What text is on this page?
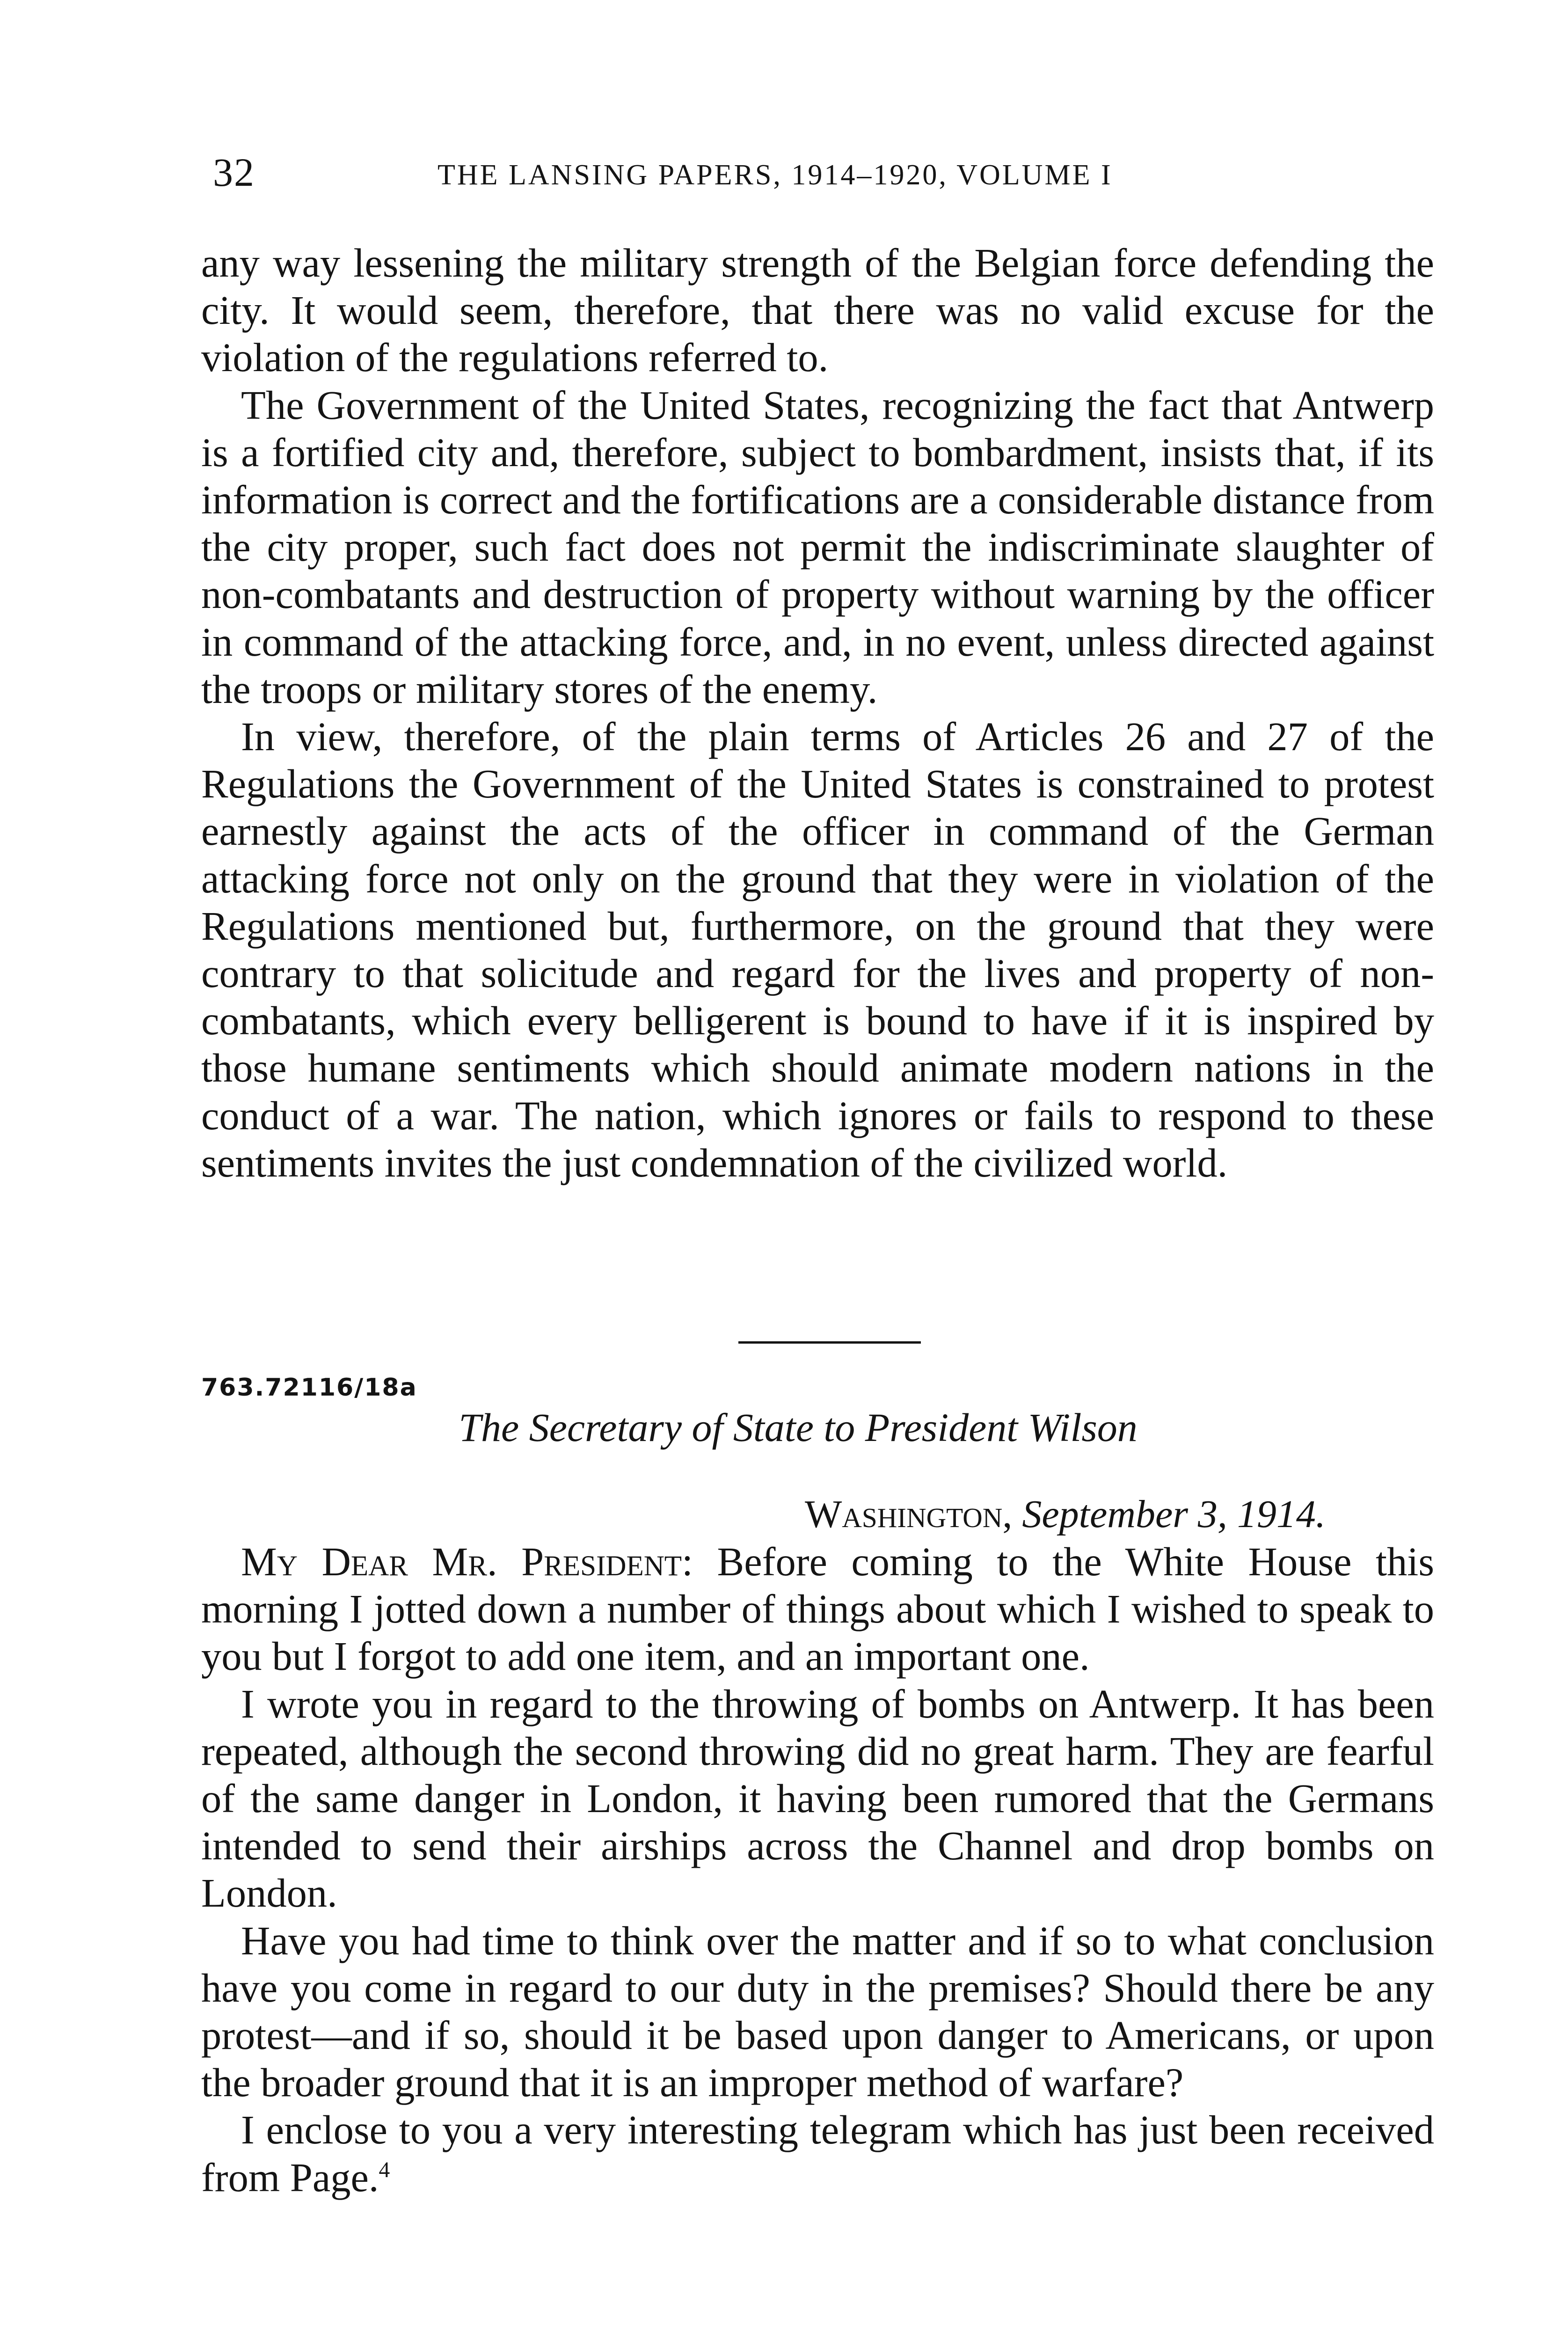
32	THE LANSING PAPERS, 1914–1920, VOLUME I

any way lessening the military strength of the Belgian force defending the city. It would seem, therefore, that there was no valid excuse for the violation of the regulations referred to.

The Government of the United States, recognizing the fact that Antwerp is a fortified city and, therefore, subject to bombardment, insists that, if its information is correct and the fortifications are a considerable distance from the city proper, such fact does not permit the indiscriminate slaughter of non-combatants and destruction of property without warning by the officer in command of the attacking force, and, in no event, unless directed against the troops or military stores of the enemy.

In view, therefore, of the plain terms of Articles 26 and 27 of the Regulations the Government of the United States is constrained to protest earnestly against the acts of the officer in command of the German attacking force not only on the ground that they were in violation of the Regulations mentioned but, furthermore, on the ground that they were contrary to that solicitude and regard for the lives and property of non-combatants, which every belligerent is bound to have if it is inspired by those humane sentiments which should animate modern nations in the conduct of a war. The nation, which ignores or fails to respond to these sentiments invites the just condemnation of the civilized world.

763.72116/18a
The Secretary of State to President Wilson
Washington, September 3, 1914.

My Dear Mr. President: Before coming to the White House this morning I jotted down a number of things about which I wished to speak to you but I forgot to add one item, and an important one.

I wrote you in regard to the throwing of bombs on Antwerp. It has been repeated, although the second throwing did no great harm. They are fearful of the same danger in London, it having been rumored that the Germans intended to send their airships across the Channel and drop bombs on London.

Have you had time to think over the matter and if so to what conclusion have you come in regard to our duty in the premises? Should there be any protest—and if so, should it be based upon danger to Americans, or upon the broader ground that it is an improper method of warfare?

I enclose to you a very interesting telegram which has just been received from Page.$^4$
